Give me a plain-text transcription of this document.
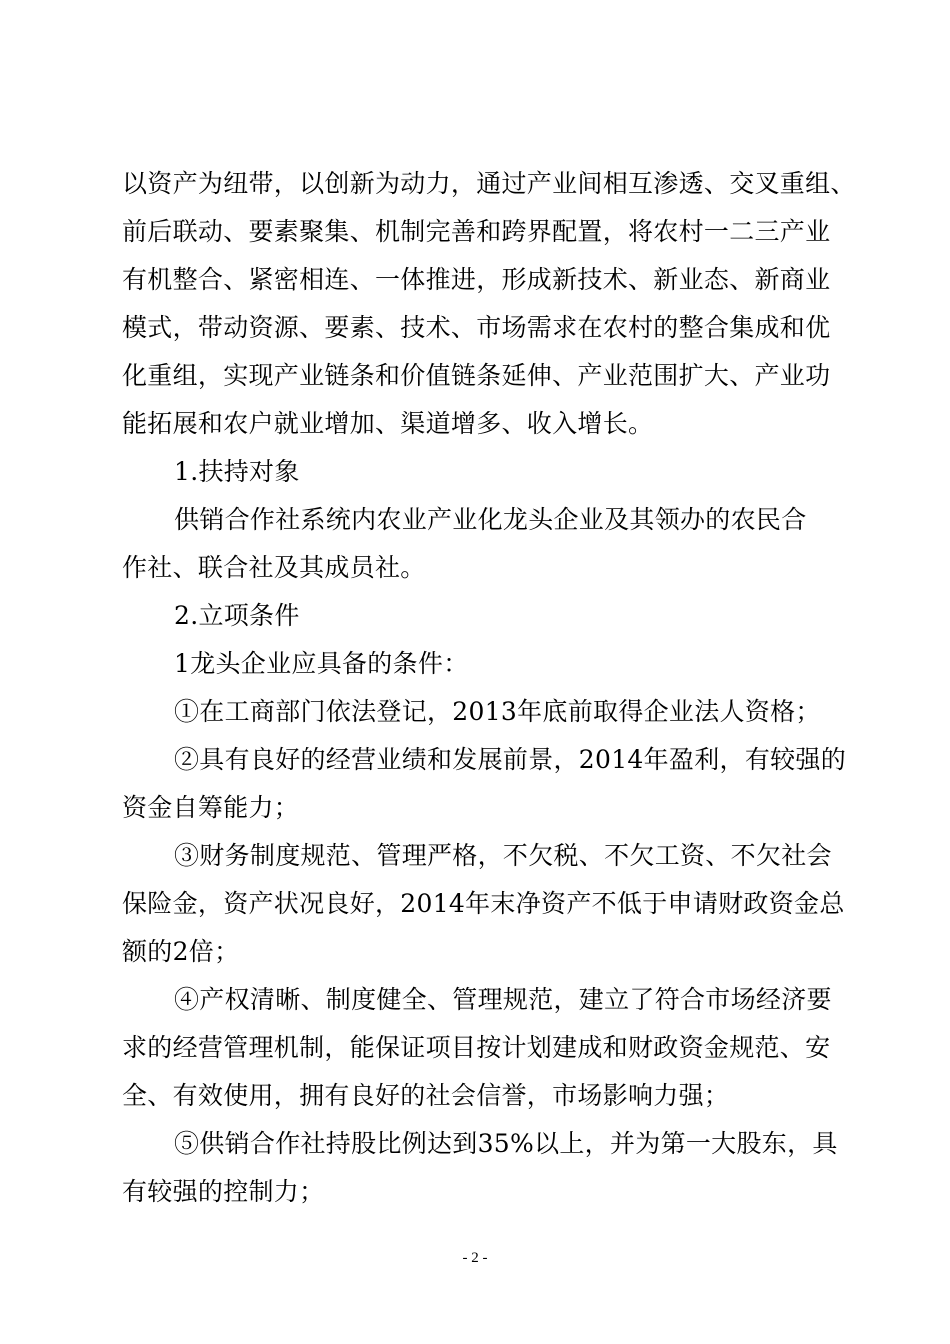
以资产为纽带，以创新为动力，通过产业间相互渗透、交叉重组、
前后联动、要素聚集、机制完善和跨界配置，将农村一二三产业
有机整合、紧密相连、一体推进，形成新技术、新业态、新商业
模式，带动资源、要素、技术、市场需求在农村的整合集成和优
化重组，实现产业链条和价值链条延伸、产业范围扩大、产业功
能拓展和农户就业增加、渠道增多、收入增长。
1.扶持对象
供销合作社系统内农业产业化龙头企业及其领办的农民合
作社、联合社及其成员社。
2.立项条件
1龙头企业应具备的条件：
①在工商部门依法登记，2013年底前取得企业法人资格；
②具有良好的经营业绩和发展前景，2014年盈利，有较强的
资金自筹能力；
③财务制度规范、管理严格，不欠税、不欠工资、不欠社会
保险金，资产状况良好，2014年末净资产不低于申请财政资金总
额的2倍；
④产权清晰、制度健全、管理规范，建立了符合市场经济要
求的经营管理机制，能保证项目按计划建成和财政资金规范、安
全、有效使用，拥有良好的社会信誉，市场影响力强；
⑤供销合作社持股比例达到35%以上，并为第一大股东，具
有较强的控制力；
- 2 -
